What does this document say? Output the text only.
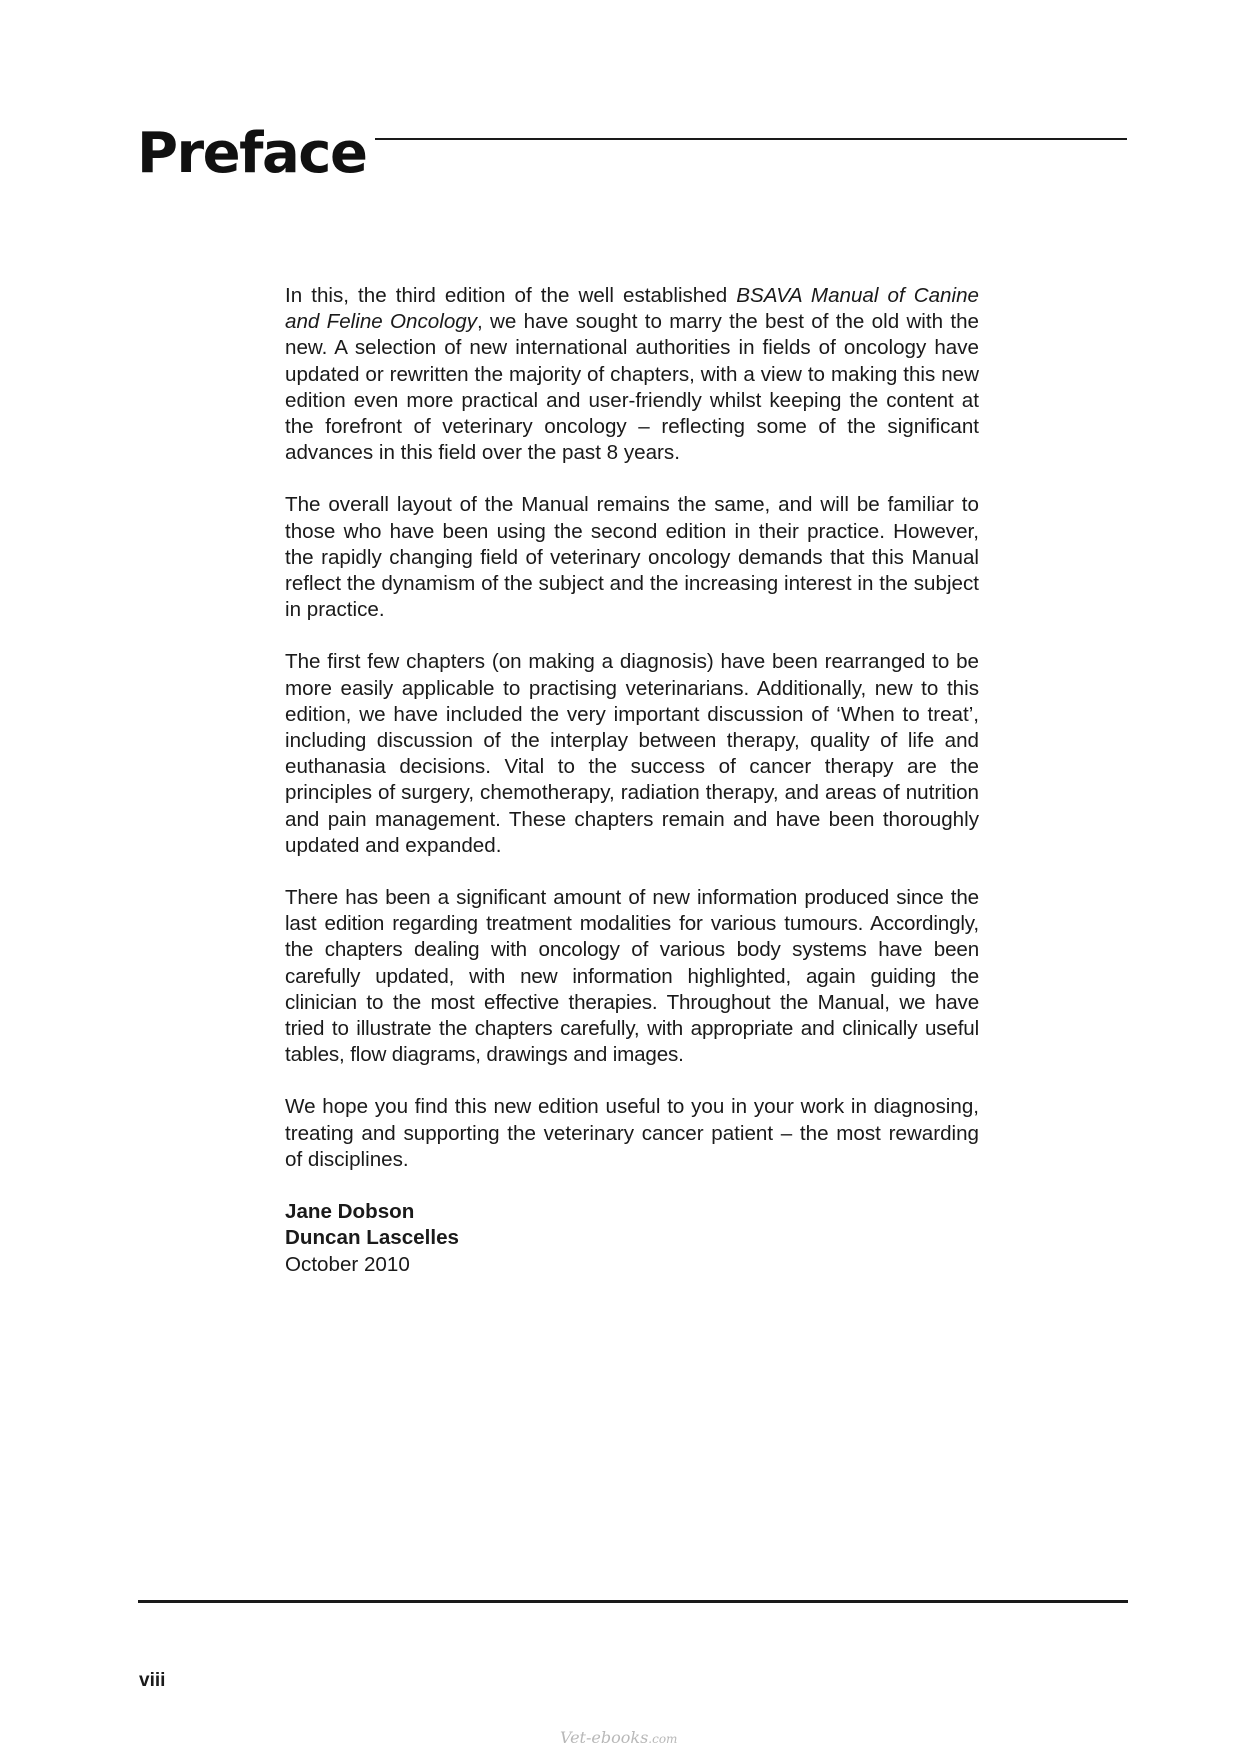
Preface

In this, the third edition of the well established BSAVA Manual of Canine and Feline Oncology, we have sought to marry the best of the old with the new. A selection of new international authorities in fields of oncology have updated or rewritten the majority of chapters, with a view to making this new edition even more practical and user-friendly whilst keeping the content at the forefront of veterinary oncology – reflecting some of the significant advances in this field over the past 8 years.

The overall layout of the Manual remains the same, and will be familiar to those who have been using the second edition in their practice. However, the rapidly changing field of veterinary oncology demands that this Manual reflect the dynamism of the subject and the increasing interest in the subject in practice.

The first few chapters (on making a diagnosis) have been rearranged to be more easily applicable to practising veterinarians. Additionally, new to this edition, we have included the very important discussion of ‘When to treat’, including discussion of the interplay between therapy, quality of life and euthanasia decisions. Vital to the success of cancer therapy are the principles of surgery, chemotherapy, radiation therapy, and areas of nutrition and pain management. These chapters remain and have been thoroughly updated and expanded.

There has been a significant amount of new information produced since the last edition regarding treatment modalities for various tumours. Accordingly, the chapters dealing with oncology of various body systems have been carefully updated, with new information highlighted, again guiding the clinician to the most effective therapies. Throughout the Manual, we have tried to illustrate the chapters carefully, with appropriate and clinically useful tables, flow diagrams, drawings and images.

We hope you find this new edition useful to you in your work in diagnosing, treating and supporting the veterinary cancer patient – the most rewarding of disciplines.

Jane Dobson
Duncan Lascelles
October 2010
viii
Vet-ebooks.com
